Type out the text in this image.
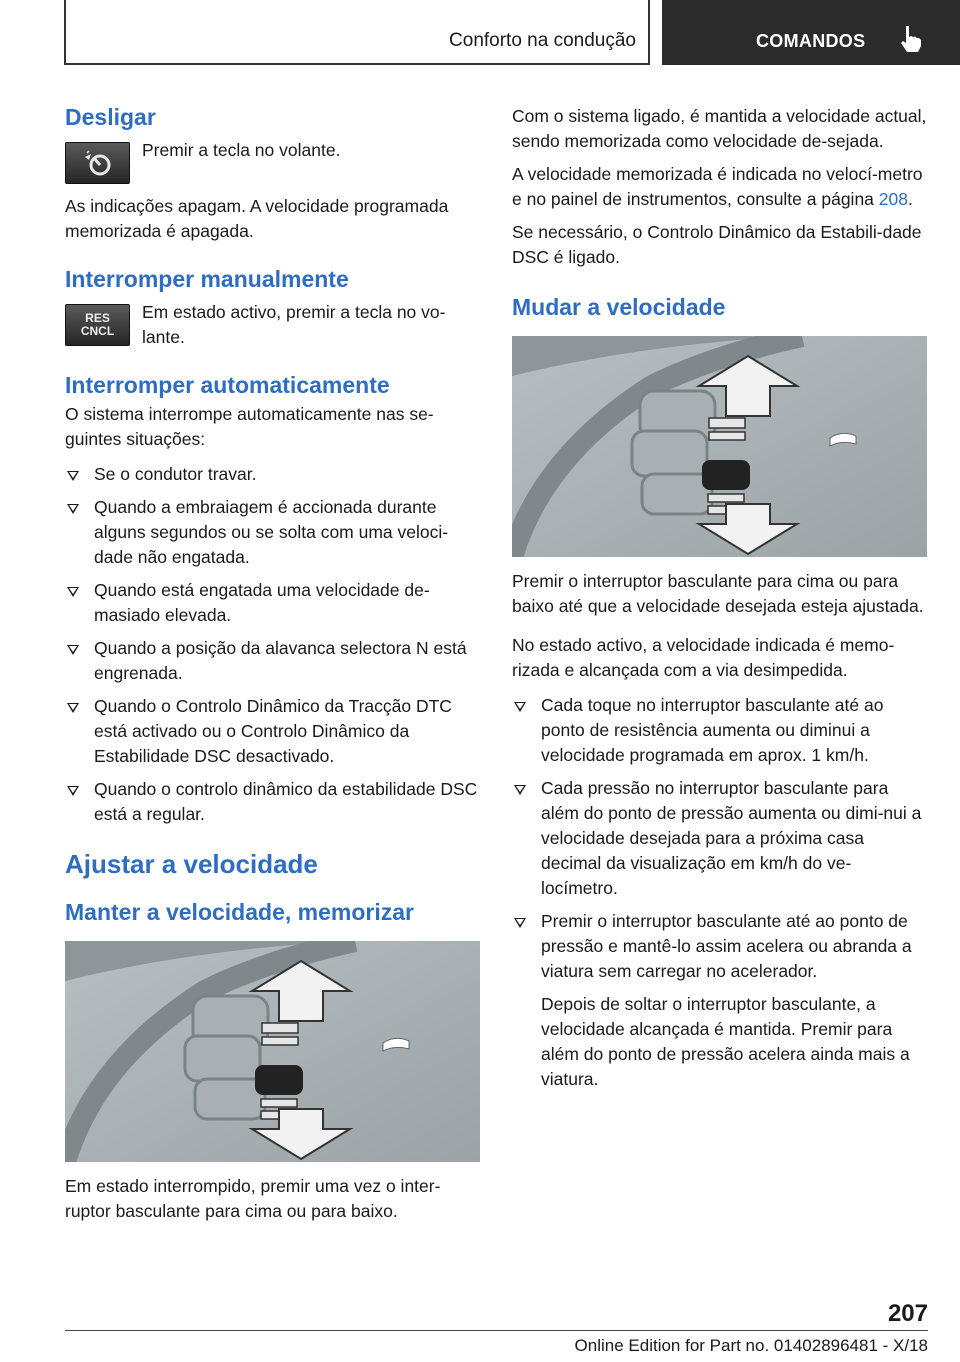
Conforto na condução	COMANDOS
Desligar

Premir a tecla no volante.

As indicações apagam. A velocidade programada memorizada é apagada.

Interromper manualmente
RES
CNCL

Em estado activo, premir a tecla no vo‐lante.

Interromper automaticamente

O sistema interrompe automaticamente nas se‐guintes situações:

Se o condutor travar.
Quando a embraiagem é accionada durante alguns segundos ou se solta com uma veloci‐dade não engatada.
Quando está engatada uma velocidade de‐masiado elevada.
Quando a posição da alavanca selectora N está engrenada.
Quando o Controlo Dinâmico da Tracção DTC está activado ou o Controlo Dinâmico da Estabilidade DSC desactivado.
Quando o controlo dinâmico da estabilidade DSC está a regular.
Ajustar a velocidade
Manter a velocidade, memorizar

Em estado interrompido, premir uma vez o inter‐ruptor basculante para cima ou para baixo.

Com o sistema ligado, é mantida a velocidade actual, sendo memorizada como velocidade de‐sejada.

A velocidade memorizada é indicada no velocí‐metro e no painel de instrumentos, consulte a página 208.

Se necessário, o Controlo Dinâmico da Estabili‐dade DSC é ligado.

Mudar a velocidade

Premir o interruptor basculante para cima ou para baixo até que a velocidade desejada esteja ajustada.

No estado activo, a velocidade indicada é memo‐rizada e alcançada com a via desimpedida.

Cada toque no interruptor basculante até ao ponto de resistência aumenta ou diminui a velocidade programada em aprox. 1 km/h.
Cada pressão no interruptor basculante para além do ponto de pressão aumenta ou dimi‐nui a velocidade desejada para a próxima casa decimal da visualização em km/h do ve‐locímetro.
Premir o interruptor basculante até ao ponto de pressão e mantê-lo assim acelera ou abranda a viatura sem carregar no acelerador.

Depois de soltar o interruptor basculante, a velocidade alcançada é mantida. Premir para além do ponto de pressão acelera ainda mais a viatura.

207
Online Edition for Part no. 01402896481 - X/18
